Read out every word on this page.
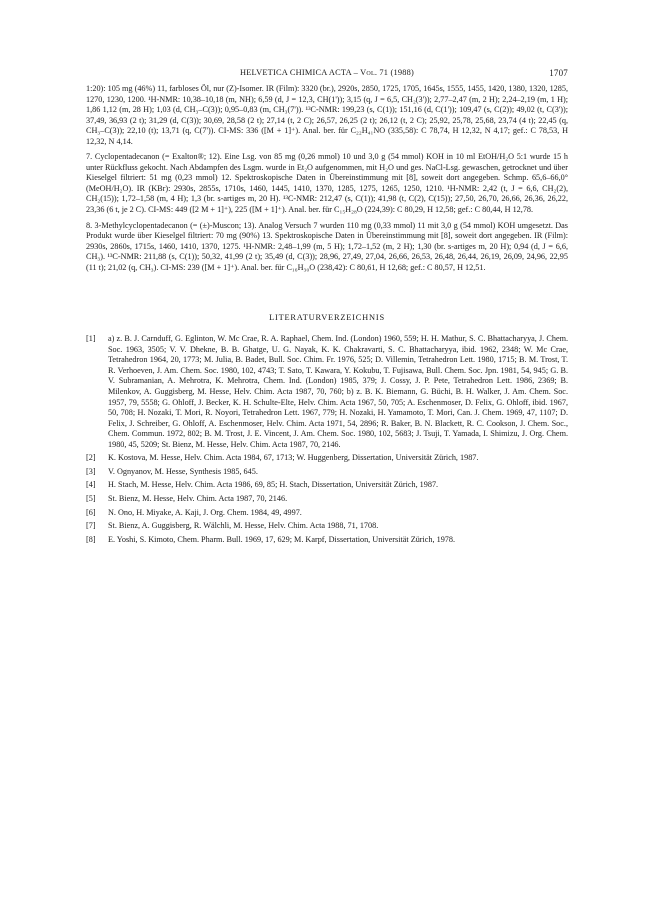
HELVETICA CHIMICA ACTA – Vol. 71 (1988)	1707

1:20): 105 mg (46%) 11, farbloses Öl, nur (Z)-Isomer. IR (Film): 3320 (br.), 2920s, 2850, 1725, 1705, 1645s, 1555, 1455, 1420, 1380, 1320, 1285, 1270, 1230, 1200. ¹H-NMR: 10,38–10,18 (m, NH); 6,59 (d, J = 12,3, CH(1')); 3,15 (q, J = 6,5, CH₂(3')); 2,77–2,47 (m, 2 H); 2,24–2,19 (m, 1 H); 1,86 1,12 (m, 28 H); 1,03 (d, CH₃–C(3)); 0,95–0,83 (m, CH₃(7')). ¹³C-NMR: 199,23 (s, C(1)); 151,16 (d, C(1')); 109,47 (s, C(2)); 49,02 (t, C(3')); 37,49, 36,93 (2 t); 31,29 (d, C(3)); 30,69, 28,58 (2 t); 27,14 (t, 2 C); 26,57, 26,25 (2 t); 26,12 (t, 2 C); 25,92, 25,78, 25,68, 23,74 (4 t); 22,45 (q, CH₃–C(3)); 22,10 (t); 13,71 (q, C(7')). CI-MS: 336 ([M + 1]⁺). Anal. ber. für C₂₂H₄₁NO (335,58): C 78,74, H 12,32, N 4,17; gef.: C 78,53, H 12,32, N 4,14.

7. Cyclopentadecanon (= Exalton®; 12). Eine Lsg. von 85 mg (0,26 mmol) 10 und 3,0 g (54 mmol) KOH in 10 ml EtOH/H₂O 5:1 wurde 15 h unter Rückfluss gekocht. Nach Abdampfen des Lsgm. wurde in Et₂O aufgenommen, mit H₂O und ges. NaCl-Lsg. gewaschen, getrocknet und über Kieselgel filtriert: 51 mg (0,23 mmol) 12. Spektroskopische Daten in Übereinstimmung mit [8], soweit dort angegeben. Schmp. 65,6–66,0° (MeOH/H₂O). IR (KBr): 2930s, 2855s, 1710s, 1460, 1445, 1410, 1370, 1285, 1275, 1265, 1250, 1210. ¹H-NMR: 2,42 (t, J = 6,6, CH₂(2), CH₂(15)); 1,72–1,58 (m, 4 H); 1,3 (br. s-artiges m, 20 H). ¹³C-NMR: 212,47 (s, C(1)); 41,98 (t, C(2), C(15)); 27,50, 26,70, 26,66, 26,36, 26,22, 23,36 (6 t, je 2 C). CI-MS: 449 ([2 M + 1]⁺), 225 ([M + 1]⁺). Anal. ber. für C₁₅H₂₈O (224,39): C 80,29, H 12,58; gef.: C 80,44, H 12,78.

8. 3-Methylcyclopentadecanon (= (±)-Muscon; 13). Analog Versuch 7 wurden 110 mg (0,33 mmol) 11 mit 3,0 g (54 mmol) KOH umgesetzt. Das Produkt wurde über Kieselgel filtriert: 70 mg (90%) 13. Spektroskopische Daten in Übereinstimmung mit [8], soweit dort angegeben. IR (Film): 2930s, 2860s, 1715s, 1460, 1410, 1370, 1275. ¹H-NMR: 2,48–1,99 (m, 5 H); 1,72–1,52 (m, 2 H); 1,30 (br. s-artiges m, 20 H); 0,94 (d, J = 6,6, CH₃). ¹³C-NMR: 211,88 (s, C(1)); 50,32, 41,99 (2 t); 35,49 (d, C(3)); 28,96, 27,49, 27,04, 26,66, 26,53, 26,48, 26,44, 26,19, 26,09, 24,96, 22,95 (11 t); 21,02 (q, CH₃). CI-MS: 239 ([M + 1]⁺). Anal. ber. für C₁₆H₃₀O (238,42): C 80,61, H 12,68; gef.: C 80,57, H 12,51.

LITERATURVERZEICHNIS
[1]	a) z. B. J. Carnduff, G. Eglinton, W. Mc Crae, R. A. Raphael, Chem. Ind. (London) 1960, 559; H. H. Mathur, S. C. Bhattacharyya, J. Chem. Soc. 1963, 3505; V. V. Dhekne, B. B. Ghatge, U. G. Nayak, K. K. Chakravarti, S. C. Bhattacharyya, ibid. 1962, 2348; W. Mc Crae, Tetrahedron 1964, 20, 1773; M. Julia, B. Badet, Bull. Soc. Chim. Fr. 1976, 525; D. Villemin, Tetrahedron Lett. 1980, 1715; B. M. Trost, T. R. Verhoeven, J. Am. Chem. Soc. 1980, 102, 4743; T. Sato, T. Kawara, Y. Kokubu, T. Fujisawa, Bull. Chem. Soc. Jpn. 1981, 54, 945; G. B. V. Subramanian, A. Mehrotra, K. Mehrotra, Chem. Ind. (London) 1985, 379; J. Cossy, J. P. Pete, Tetrahedron Lett. 1986, 2369; B. Milenkov, A. Guggisberg, M. Hesse, Helv. Chim. Acta 1987, 70, 760; b) z. B. K. Biemann, G. Büchi, B. H. Walker, J. Am. Chem. Soc. 1957, 79, 5558; G. Ohloff, J. Becker, K. H. Schulte-Elte, Helv. Chim. Acta 1967, 50, 705; A. Eschenmoser, D. Felix, G. Ohloff, ibid. 1967, 50, 708; H. Nozaki, T. Mori, R. Noyori, Tetrahedron Lett. 1967, 779; H. Nozaki, H. Yamamoto, T. Mori, Can. J. Chem. 1969, 47, 1107; D. Felix, J. Schreiber, G. Ohloff, A. Eschenmoser, Helv. Chim. Acta 1971, 54, 2896; R. Baker, B. N. Blackett, R. C. Cookson, J. Chem. Soc., Chem. Commun. 1972, 802; B. M. Trost, J. E. Vincent, J. Am. Chem. Soc. 1980, 102, 5683; J. Tsuji, T. Yamada, I. Shimizu, J. Org. Chem. 1980, 45, 5209; St. Bienz, M. Hesse, Helv. Chim. Acta 1987, 70, 2146.
[2]	K. Kostova, M. Hesse, Helv. Chim. Acta 1984, 67, 1713; W. Huggenberg, Dissertation, Universität Zürich, 1987.
[3]	V. Ognyanov, M. Hesse, Synthesis 1985, 645.
[4]	H. Stach, M. Hesse, Helv. Chim. Acta 1986, 69, 85; H. Stach, Dissertation, Universität Zürich, 1987.
[5]	St. Bienz, M. Hesse, Helv. Chim. Acta 1987, 70, 2146.
[6]	N. Ono, H. Miyake, A. Kaji, J. Org. Chem. 1984, 49, 4997.
[7]	St. Bienz, A. Guggisberg, R. Wälchli, M. Hesse, Helv. Chim. Acta 1988, 71, 1708.
[8]	E. Yoshi, S. Kimoto, Chem. Pharm. Bull. 1969, 17, 629; M. Karpf, Dissertation, Universität Zürich, 1978.
